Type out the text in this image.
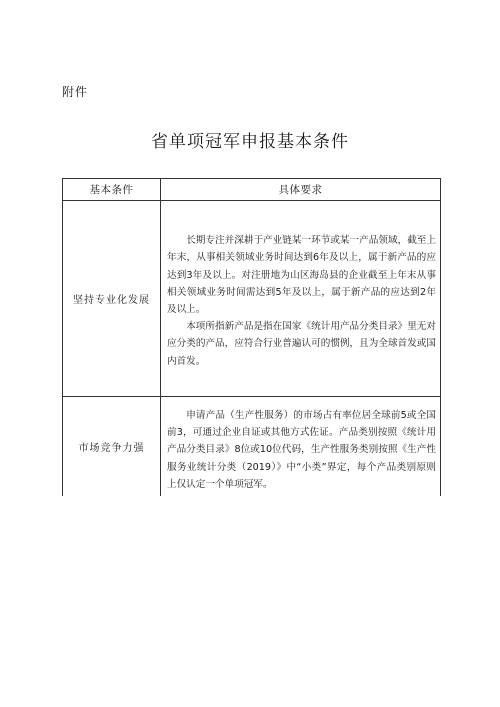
附件
省单项冠军申报基本条件
基本条件	具体要求
坚持专业化发展	长期专注并深耕于产业链某一环节或某一产品领域，截至上年末，从事相关领域业务时间达到6年及以上，属于新产品的应达到3年及以上。对注册地为山区海岛县的企业截至上年末从事相关领域业务时间需达到5年及以上，属于新产品的应达到2年及以上。

本项所指新产品是指在国家《统计用产品分类目录》里无对应分类的产品，应符合行业普遍认可的惯例，且为全球首发或国内首发。

市场竞争力强	申请产品（生产性服务）的市场占有率位居全球前5或全国前3，可通过企业自证或其他方式佐证。产品类别按照《统计用产品分类目录》8位或10位代码，生产性服务类别按照《生产性服务业统计分类（2019）》中“小类”界定，每个产品类别原则上仅认定一个单项冠军。
